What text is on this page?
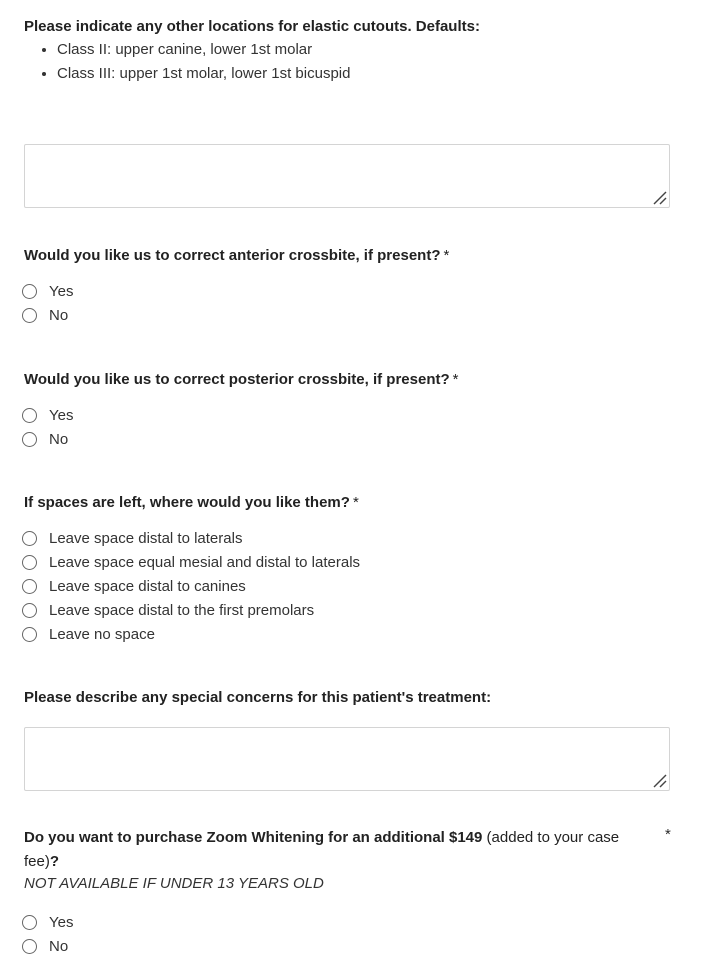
Please indicate any other locations for elastic cutouts. Defaults:
• Class II: upper canine, lower 1st molar
• Class III: upper 1st molar, lower 1st bicuspid
Would you like us to correct anterior crossbite, if present? *
Yes
No
Would you like us to correct posterior crossbite, if present? *
Yes
No
If spaces are left, where would you like them? *
Leave space distal to laterals
Leave space equal mesial and distal to laterals
Leave space distal to canines
Leave space distal to the first premolars
Leave no space
Please describe any special concerns for this patient's treatment:
Do you want to purchase Zoom Whitening for an additional $149 (added to your case fee)?
*
NOT AVAILABLE IF UNDER 13 YEARS OLD
Yes
No
